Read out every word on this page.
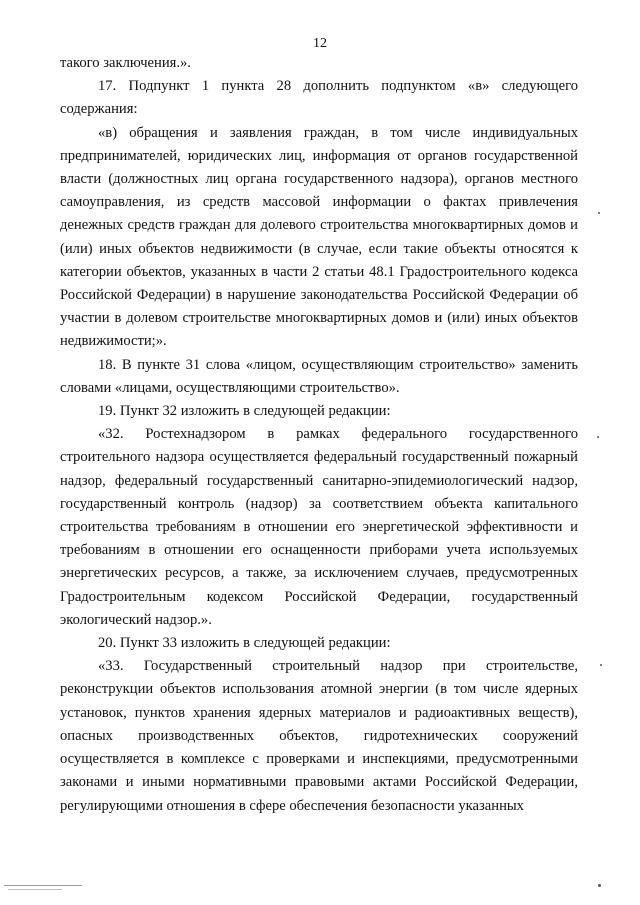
12

такого заключения.».

17. Подпункт 1 пункта 28 дополнить подпунктом «в» следующего содержания:

«в) обращения и заявления граждан, в том числе индивидуальных предпринимателей, юридических лиц, информация от органов государственной власти (должностных лиц органа государственного надзора), органов местного самоуправления, из средств массовой информации о фактах привлечения денежных средств граждан для долевого строительства многоквартирных домов и (или) иных объектов недвижимости (в случае, если такие объекты относятся к категории объектов, указанных в части 2 статьи 48.1 Градостроительного кодекса Российской Федерации) в нарушение законодательства Российской Федерации об участии в долевом строительстве многоквартирных домов и (или) иных объектов недвижимости;».

18. В пункте 31 слова «лицом, осуществляющим строительство» заменить словами «лицами, осуществляющими строительство».

19. Пункт 32 изложить в следующей редакции:

«32. Ростехнадзором в рамках федерального государственного строительного надзора осуществляется федеральный государственный пожарный надзор, федеральный государственный санитарно-эпидемиологический надзор, государственный контроль (надзор) за соответствием объекта капитального строительства требованиям в отношении его энергетической эффективности и требованиям в отношении его оснащенности приборами учета используемых энергетических ресурсов, а также, за исключением случаев, предусмотренных Градостроительным кодексом Российской Федерации, государственный экологический надзор.».

20. Пункт 33 изложить в следующей редакции:

«33. Государственный строительный надзор при строительстве, реконструкции объектов использования атомной энергии (в том числе ядерных установок, пунктов хранения ядерных материалов и радиоактивных веществ), опасных производственных объектов, гидротехнических сооружений осуществляется в комплексе с проверками и инспекциями, предусмотренными законами и иными нормативными правовыми актами Российской Федерации, регулирующими отношения в сфере обеспечения безопасности указанных
